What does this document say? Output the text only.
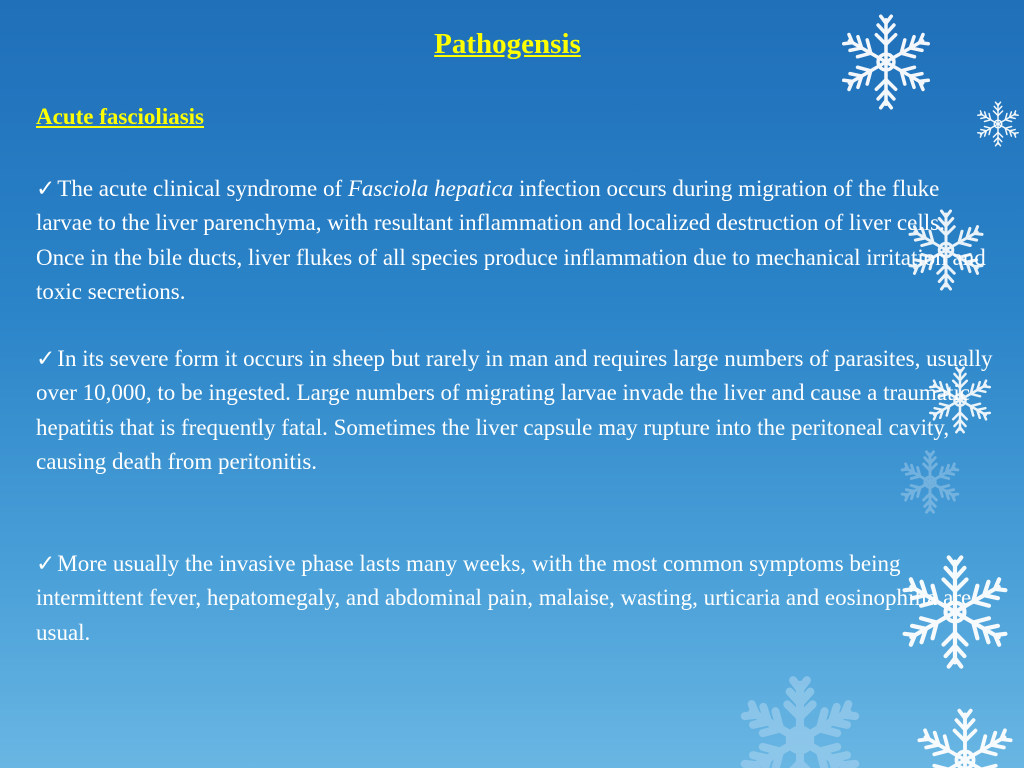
Pathogensis
Acute fascioliasis
✓The acute clinical syndrome of Fasciola hepatica infection occurs during migration of the fluke larvae to the liver parenchyma, with resultant inflammation and localized destruction of liver cells. Once in the bile ducts, liver flukes of all species produce inflammation due to mechanical irritation and toxic secretions.
✓In its severe form it occurs in sheep but rarely in man and requires large numbers of parasites, usually over 10,000, to be ingested. Large numbers of migrating larvae invade the liver and cause a traumatic hepatitis that is frequently fatal. Sometimes the liver capsule may rupture into the peritoneal cavity, causing death from peritonitis.
✓More usually the invasive phase lasts many weeks, with the most common symptoms being intermittent fever, hepatomegaly, and abdominal pain, malaise, wasting, urticaria and eosinophilia are usual.
